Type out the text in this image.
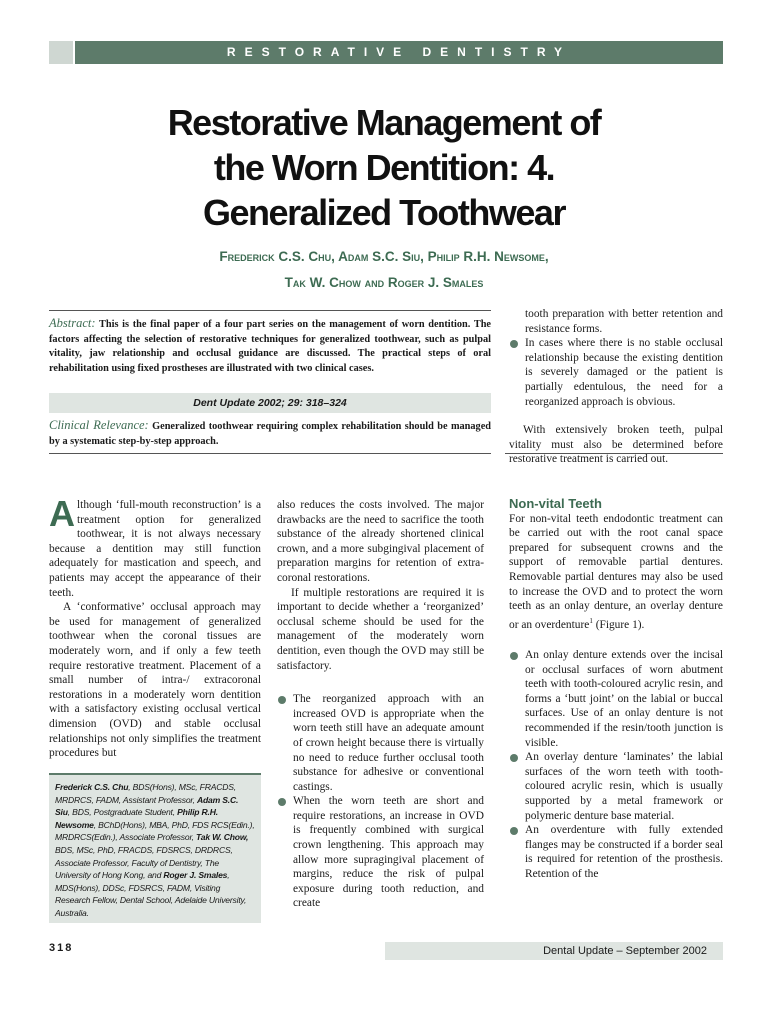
RESTORATIVE DENTISTRY
Restorative Management of
the Worn Dentition: 4.
Generalized Toothwear
Frederick C.S. Chu, Adam S.C. Siu, Philip R.H. Newsome,
Tak W. Chow and Roger J. Smales
Abstract: This is the final paper of a four part series on the management of worn dentition. The factors affecting the selection of restorative techniques for generalized toothwear, such as pulpal vitality, jaw relationship and occlusal guidance are discussed. The practical steps of oral rehabilitation using fixed prostheses are illustrated with two clinical cases.
Dent Update 2002; 29: 318–324
Clinical Relevance: Generalized toothwear requiring complex rehabilitation should be managed by a systematic step-by-step approach.

Although ‘full-mouth reconstruction’ is a treatment option for generalized toothwear, it is not always necessary because a dentition may still function adequately for mastication and speech, and patients may accept the appearance of their teeth.

A ‘conformative’ occlusal approach may be used for management of generalized toothwear when the coronal tissues are moderately worn, and if only a few teeth require restorative treatment. Placement of a small number of intra-/ extracoronal restorations in a moderately worn dentition with a satisfactory existing occlusal vertical dimension (OVD) and stable occlusal relationships not only simplifies the treatment procedures but

Frederick C.S. Chu, BDS(Hons), MSc, FRACDS, MRDRCS, FADM, Assistant Professor, Adam S.C. Siu, BDS, Postgraduate Student, Philip R.H. Newsome, BChD(Hons), MBA, PhD, FDS RCS(Edin.), MRDRCS(Edin.), Associate Professor, Tak W. Chow, BDS, MSc, PhD, FRACDS, FDSRCS, DRDRCS, Associate Professor, Faculty of Dentistry, The University of Hong Kong, and Roger J. Smales, MDS(Hons), DDSc, FDSRCS, FADM, Visiting Research Fellow, Dental School, Adelaide University, Australia.

also reduces the costs involved. The major drawbacks are the need to sacrifice the tooth substance of the already shortened clinical crown, and a more subgingival placement of preparation margins for retention of extra-coronal restorations.

If multiple restorations are required it is important to decide whether a ‘reorganized’ occlusal scheme should be used for the management of the moderately worn dentition, even though the OVD may still be satisfactory.

The reorganized approach with an increased OVD is appropriate when the worn teeth still have an adequate amount of crown height because there is virtually no need to reduce further occlusal tooth substance for adhesive or conventional castings.

When the worn teeth are short and require restorations, an increase in OVD is frequently combined with surgical crown lengthening. This approach may allow more supragingival placement of margins, reduce the risk of pulpal exposure during tooth reduction, and create

tooth preparation with better retention and resistance forms.

In cases where there is no stable occlusal relationship because the existing dentition is severely damaged or the patient is partially edentulous, the need for a reorganized approach is obvious.

With extensively broken teeth, pulpal vitality must also be determined before restorative treatment is carried out.

Non-vital Teeth

For non-vital teeth endodontic treatment can be carried out with the root canal space prepared for subsequent crowns and the support of removable partial dentures. Removable partial dentures may also be used to increase the OVD and to protect the worn teeth as an onlay denture, an overlay denture or an overdenture$^1$ (Figure 1).

An onlay denture extends over the incisal or occlusal surfaces of worn abutment teeth with tooth-coloured acrylic resin, and forms a ‘butt joint’ on the labial or buccal surfaces. Use of an onlay denture is not recommended if the resin/tooth junction is visible.

An overlay denture ‘laminates’ the labial surfaces of the worn teeth with tooth-coloured acrylic resin, which is usually supported by a metal framework or polymeric denture base material.

An overdenture with fully extended flanges may be constructed if a border seal is required for retention of the prosthesis. Retention of the

318	Dental Update – September 2002
